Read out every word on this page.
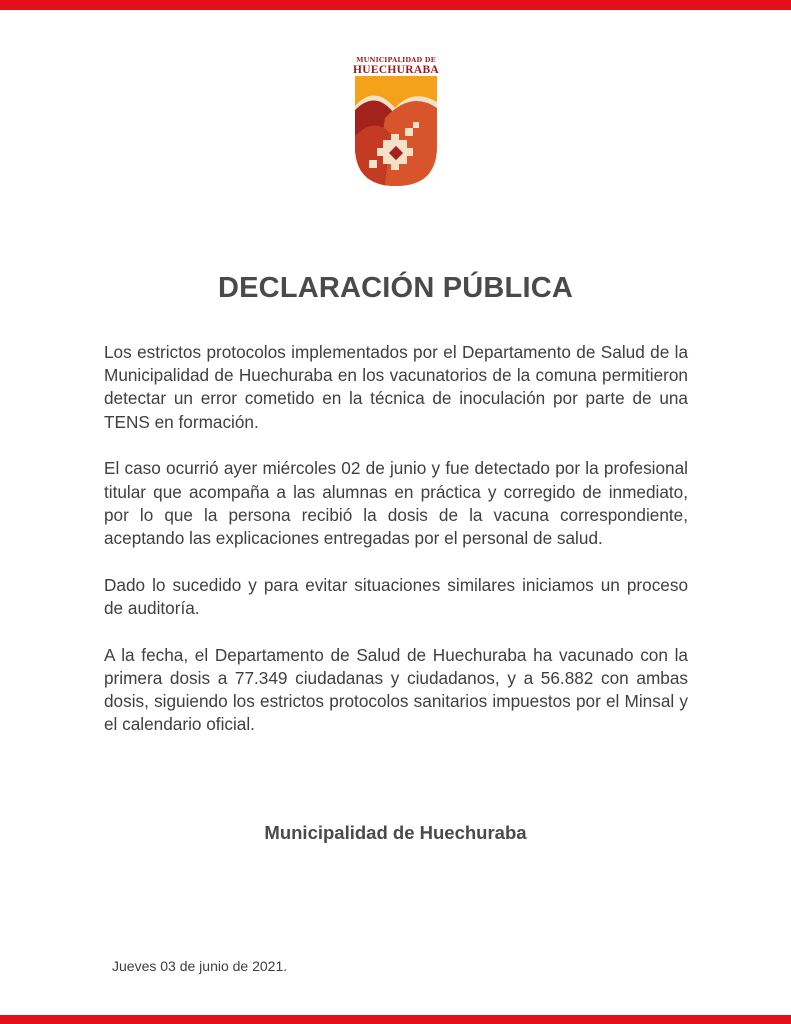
MUNICIPALIDAD DE
HUECHURABA
DECLARACIÓN PÚBLICA

Los estrictos protocolos implementados por el Departamento de Salud de la Municipalidad de Huechuraba en los vacunatorios de la comuna permitieron detectar un error cometido en la técnica de inoculación por parte de una TENS en formación.

El caso ocurrió ayer miércoles 02 de junio y fue detectado por la profesional titular que acompaña a las alumnas en práctica y corregido de inmediato, por lo que la persona recibió la dosis de la vacuna correspondiente, aceptando las explicaciones entregadas por el personal de salud.

Dado lo sucedido y para evitar situaciones similares iniciamos un proceso de auditoría.

A la fecha, el Departamento de Salud de Huechuraba ha vacunado con la primera dosis a 77.349 ciudadanas y ciudadanos, y a 56.882 con ambas dosis, siguiendo los estrictos protocolos sanitarios impuestos por el Minsal y el calendario oficial.

Municipalidad de Huechuraba
Jueves 03 de junio de 2021.
